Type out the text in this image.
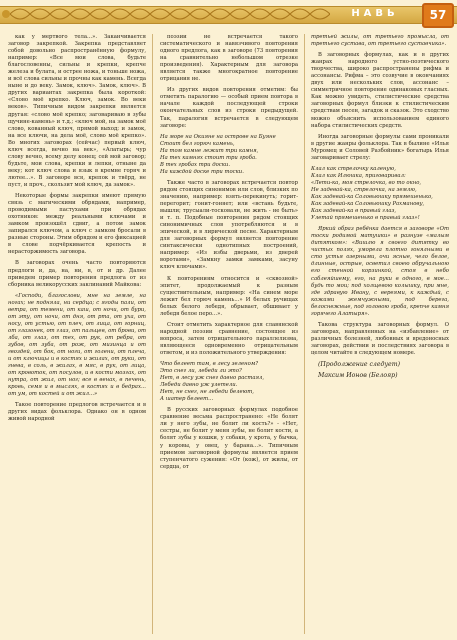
НАВЬ	57

как у мертвого тела...». Заканчивается заговор закрепкой. Закрепка представляет собой довольно распространённую формулу, например: «Все мои слова, будьте благословенны, сильны и крепки, крепче железа и булата, и острее ножа, и тоньше ножа, и всё слова сильны и прочны как камень. Всегда ныне и до веку. Замок, ключ». Замок, ключ». В других вариантах закрепка была короткой: «Слово моё крепко. Ключ, замок. Во веки веков». Типичным видом закрепки является другая: «слово моё крепко; заговариваю в зубы щучине-камень» и т.д.; «ключ мой, на замок моё слово, кованный ключ, прямой выход; и замок, на все ключи, на дела моё, слово моё крепко». Во многих заговорах (сейчас) первый ключ, ключ всегда, вечно на век», «Алатырь; чур слову вечно, всему делу конец; сей мой заговор; будьте, мои слова, крепки и лепки, отныне да веку; кот ключ слова и язык в кремне горяч и лютее...». В заговоре вся, крепок и твёрд, не пуст, и проч., скользит мой ключ, да замок».

Некоторые формы закрепки имеют прямую связь с магическими обрядами, например, проводимыми пастухами при обрядах охотников: между реальными ключами и замком произошёл сдвиг, а потом замок запирался ключом, а ключ с замком бросали в разные стороны. Этим обрядом и его фиксацией в слове подчёркивается крепость и нерасторжимость заговора.

В заговорах очень часто повторяются предлоги и, да, на, ни, в, от и др. Далее приведем пример повторения предлога от из сборника великорусских заклинаний Майкова:

«Господи, благослови, мне на земле, на ногах; не подняла, ни сердца; с ягоды пали, от ветра, от темени, от каш, от ночи, от бури, от эту, от ночи, от дня, от рта, от уха, от носу, от устью, от плеч, от лица, от горниц, от глазонек, от глаз, от пальцев, от брови, от лба, от глаз, от тех, от рук, от ребра, от зубов, от зуба, от рож, от мизинца и от гвоздей, от бок, от ноги, от голени, от плеча, и от ключицы и в костях и жилах, от руки, от гнева, в соль, в жилах, в мяс, в рук, от лица, от кровоток, от посулов, и в кости мозгах, от нутра, от жил, от ног; все в венах, в печень, кровь, семя и в мыслях, в костях и в бедрах... от ум, от костей и от жил...»

Такое повторение предлогов встречается и в других видах фольклора. Однако он в одном живой народной

поэзии не встречается такого систематического и навязчивого повторения одного предлога, как в заговоре (73 повторения на сравнительно небольшом отрезке произведения). Характерным для заговора является также многократное повторение отрицания не.

Из других видов повторения отметим: бы отметить паралогию — особый прием повтора в начале каждой последующей строки окончательных слов из строки предыдущей. Так, паралогия встречается в следующем заговоре:

На море на Окияне на острове на Буяне
Стоит бел горюч камень,
На том камне лежит три камня,
На тех камнях стоит три гроба.
В тех гробах три доски.
На каждой доске три тоски.

Также часто в заговорах встречается повтор рядом стоящих синонимов или слов, близких по значению, например: взять-перекинуть; горит-перегорит; гонит-гоняет; или «встань будьте, вышли; трусыали-тосковали, не жить - не быть» и т. п. Подобные повторения рядом стоящих синонимичных слов употребляются и в эпической, и в лирической песне. Характерным для заговорных формул является повторение синтаксически однотипных построений, например: «Из избы дверьми, из дверей воротами», «Замкну замки замками, засуну ключ ключами».

К повторениям относится и «сквозной» эпитет, продолжаемый к разным существительным, например: «На синем море лежит бел горюч камень...» И белых ручищах белых белого лебедя, обрывает, обшивает у лебедя белое перо...».

Стоит отметить характерное для славянской народной поэзии сравнение, состоящее из вопроса, затем отрицательного параллелизма, являющееся одновременно отрицательным ответом, и из положительного утверждения:

Что белеет там, в лесу зеленом?
Это снег ли, лебеди ли это?
Нет, в лесу уж снег давно растаял,
Лебеди давно уж улетели.
Нет, не снег, не лебеди белеют,
А шатер белеет...

В русских заговорных формулах подобное сравнение весьма распространено: «Не болят ли у него зубы, не болит ли кость?» - «Нет, сестры, не болит у меня зубы, не болит кости, а болят зубы у кошки, у собаки, у крота, у бычка, у коровы, у овец, у барана...». Типичным приемом заговорной формулы является прием ступенчатого сужения: «От (кож), от жилы, от сердца, от

третьей жилы, от третьего промысла, от третьего сустава, от третьего суставчика».

В заговорных формулах, как и в других жанрах народного устно-поэтического творчества, широко распространены рифма и ассонансы. Рифма – это созвучие в окончаниях двух или нескольких слов, ассонанс – симметричное повторение одинаковых гласных. Как можно увидеть, стилистические средства заговорных формул близки к стилистическим средствам песен, загадок и сказок. Это сходство можно объяснить использованием единого набора стилистических средств.

Иногда заговорные формулы сами проникали в другие жанры фольклора. Так в былине «Илья Муромец и Соловей Разбойник» богатырь Илья заговаривает стрелу:

Клал как стрелочку каленую,
Клал как Илюшка, приговаривал:
«Лети-ка, моя стрелочка, во то окно,
Не задевай-ка, стрелочка, на землю,
Как задевай-ка Соловьюшку прямешенько,
Как задевай-ка Соловьюшку Рахманову,
Как задевай-ка в правый глаз,
Улетай прямешенько в правый глаз»!

Яркий образ ребёнка дается в заговоре «От тоски родимой матушки» в разнузе «малым дитятком»: «Вишлю я своего дитятку во чистых полях, уморела плотно гонялными в сто устья озерными, очи ясные, чело белое, длинные, острые, осветил своею обручальною его стенной корзинкой, стоя в небо саблеяйшему, его, на руки в одного, в мое... будь то мои; под холщевою колышку, при мне, где здравую Ивану, с вереями, к каждый, с кожами жемчужными, под берега, белоснежные, под головою гроба, крепче камня горячего Алатыря».

Такова структура заговорных формул. О заговорах, направленных на «избавление» от различных болезней, любовных и вредоносных заговорах, действии и последствиях заговора в целом читайте в следующем номере.

(Продолжение следует)

Максим Ионов (Белояр)
